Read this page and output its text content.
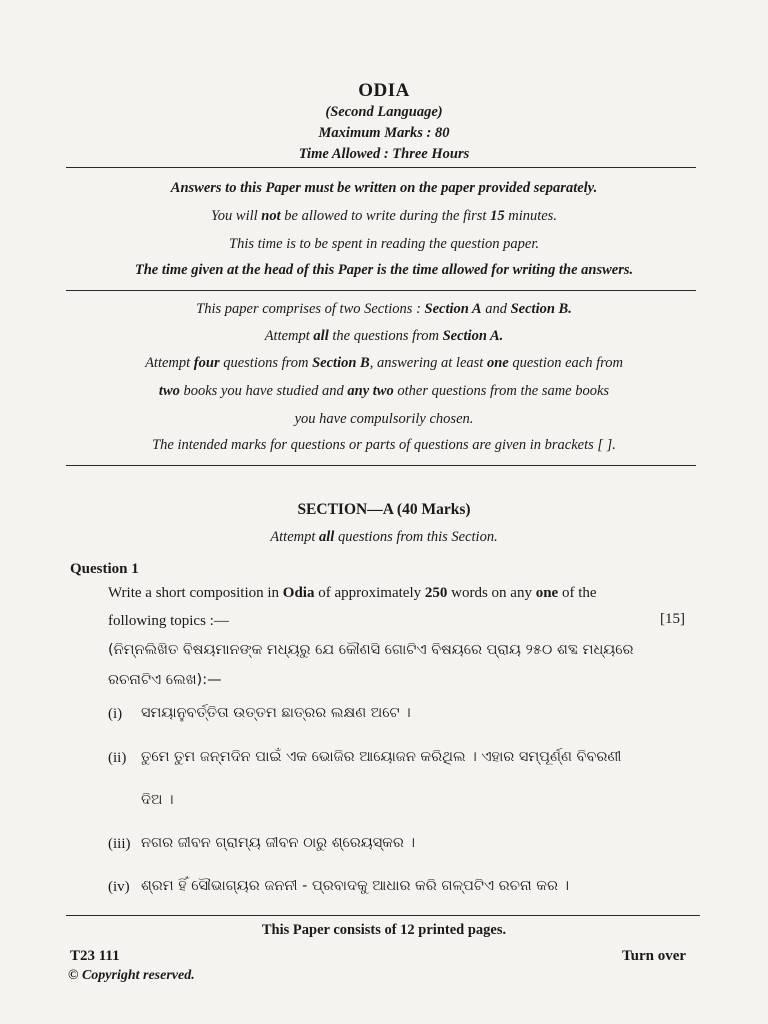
ODIA
(Second Language)
Maximum Marks : 80
Time Allowed : Three Hours
Answers to this Paper must be written on the paper provided separately.
You will not be allowed to write during the first 15 minutes.
This time is to be spent in reading the question paper.
The time given at the head of this Paper is the time allowed for writing the answers.
This paper comprises of two Sections : Section A and Section B.
Attempt all the questions from Section A.
Attempt four questions from Section B, answering at least one question each from
two books you have studied and any two other questions from the same books
you have compulsorily chosen.
The intended marks for questions or parts of questions are given in brackets [ ].
SECTION—A (40 Marks)
Attempt all questions from this Section.
Question 1
Write a short composition in Odia of approximately 250 words on any one of the
following topics :—	[15]
(ନିମ୍ନଲିଖିତ ବିଷୟମାନଙ୍କ ମଧ୍ୟରୁ ଯେ କୌଣସି ଗୋଟିଏ ବିଷୟରେ ପ୍ରାୟ ୨୫୦ ଶବ୍ଦ ମଧ୍ୟରେ
ରଚନାଟିଏ ଲେଖ):—
(i) ସମୟାନୁବର୍ତ୍ତିତା ଉତ୍ତମ ଛାତ୍ରର ଲକ୍ଷଣ ଅଟେ ।
(ii) ତୁମେ ତୁମ ଜନ୍ମଦିନ ପାଇଁ ଏକ ଭୋଜିର ଆୟୋଜନ କରିଥିଲ । ଏହାର ସମ୍ପୂର୍ଣ୍ଣ ବିବରଣୀ
ଦିଅ ।
(iii) ନଗର ଜୀବନ ଗ୍ରାମ୍ୟ ଜୀବନ ଠାରୁ ଶ୍ରେୟସ୍କର ।
(iv) ଶ୍ରମ ହିଁ ସୌଭାଗ୍ୟର ଜନନୀ - ପ୍ରବାଦକୁ ଆଧାର କରି ଗଳ୍ପଟିଏ ରଚନା କର ।
This Paper consists of 12 printed pages.
T23 111	Turn over
© Copyright reserved.
